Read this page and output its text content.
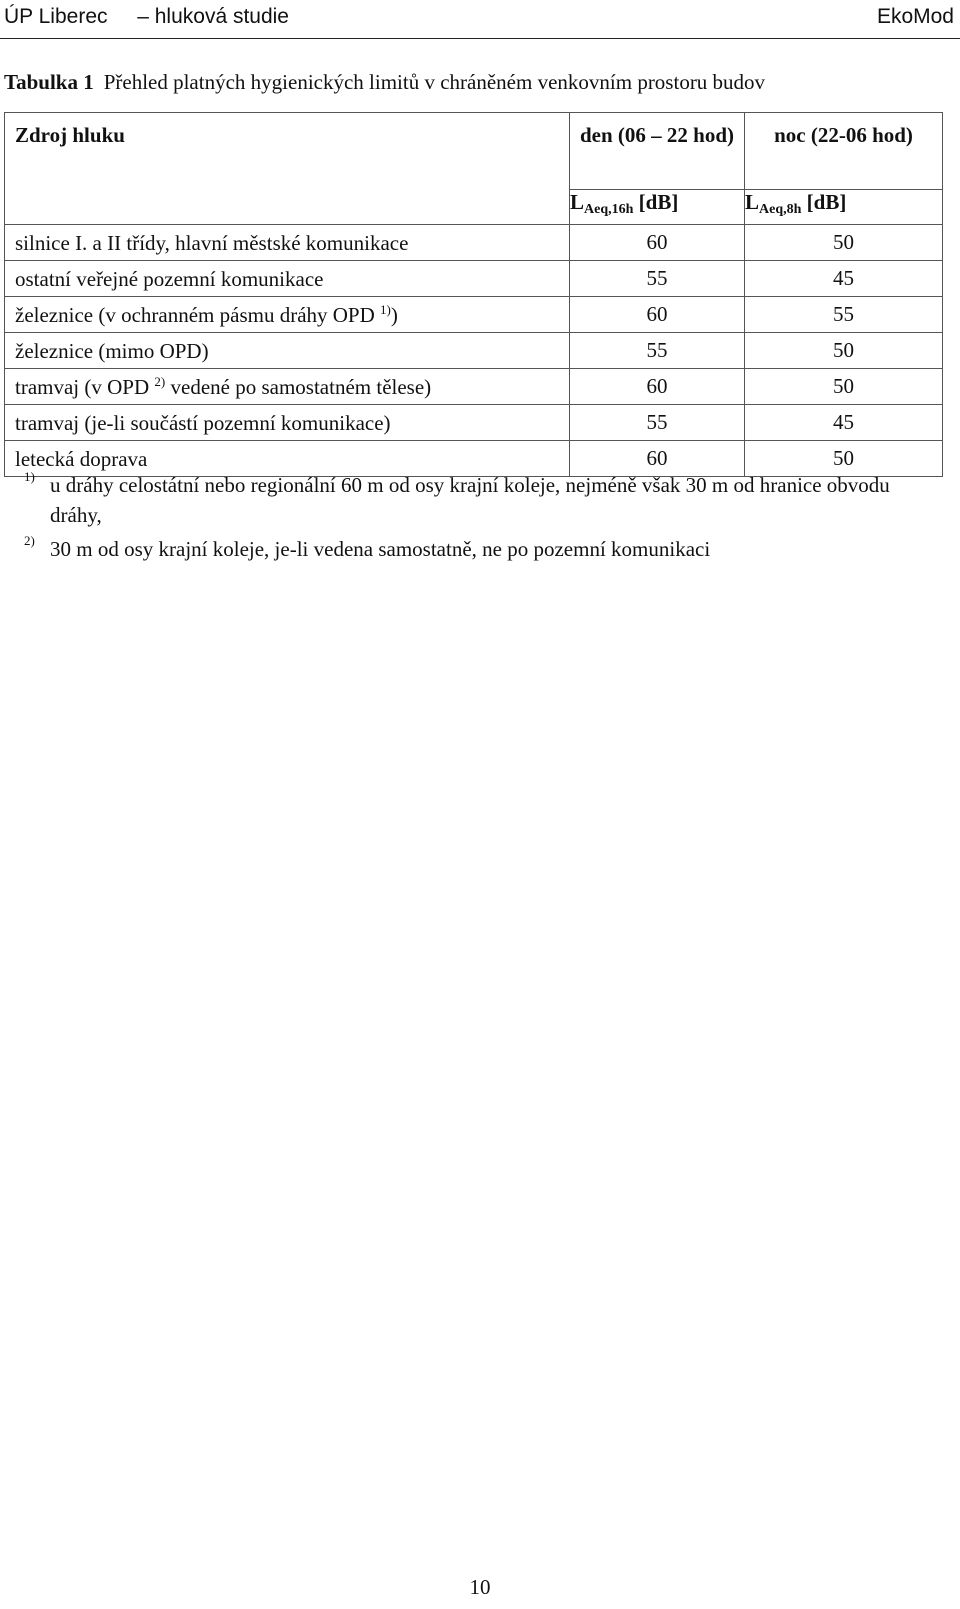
ÚP Liberec – hluková studie	EkoMod
Tabulka 1 Přehled platných hygienických limitů v chráněném venkovním prostoru budov
Zdroj hluku	den (06 – 22 hod)	noc (22-06 hod)
	$L_{Aeq,16h}$ [dB]	$L_{Aeq,8h}$ [dB]
silnice I. a II třídy, hlavní městské komunikace	60	50
ostatní veřejné pozemní komunikace	55	45
železnice (v ochranném pásmu dráhy OPD $^{1)}$)	60	55
železnice (mimo OPD)	55	50
tramvaj (v OPD $^{2)}$ vedené po samostatném tělese)	60	50
tramvaj (je-li součástí pozemní komunikace)	55	45
letecká doprava	60	50
1) u dráhy celostátní nebo regionální 60 m od osy krajní koleje, nejméně však 30 m od hranice obvodu dráhy,
2) 30 m od osy krajní koleje, je-li vedena samostatně, ne po pozemní komunikaci
10
